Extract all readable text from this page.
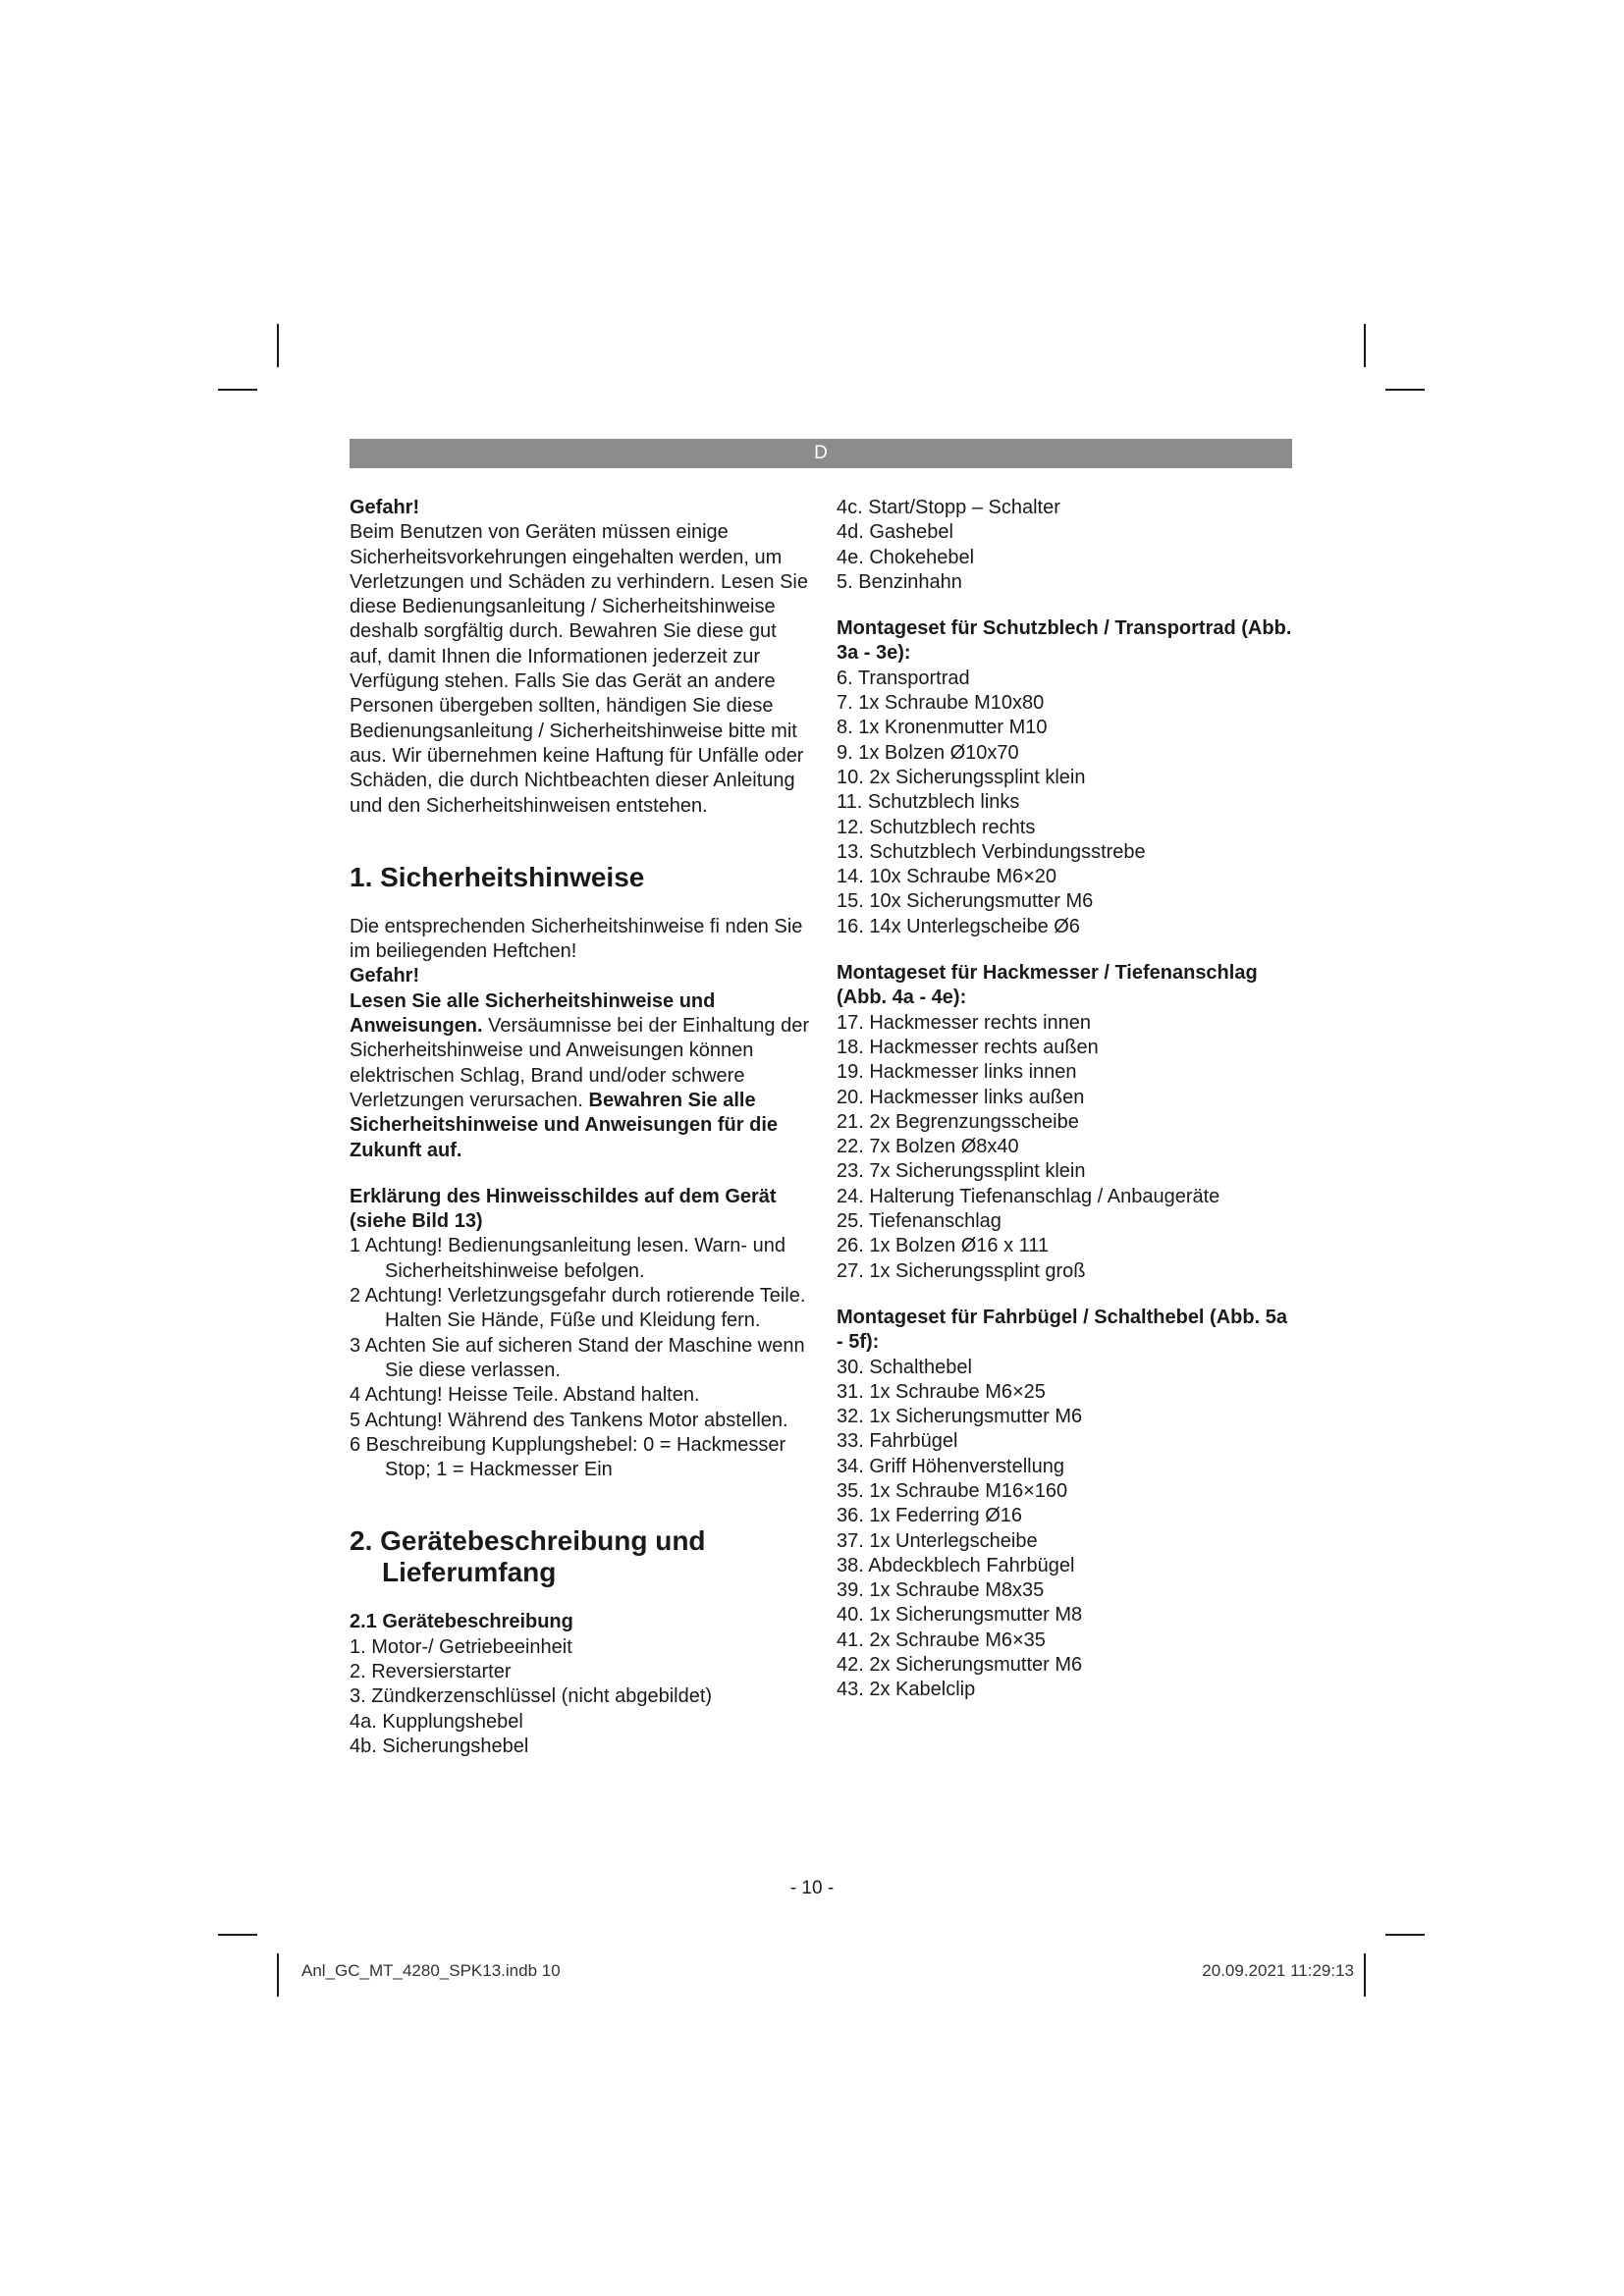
D

Gefahr!

Beim Benutzen von Geräten müssen einige Sicherheitsvorkehrungen eingehalten werden, um Verletzungen und Schäden zu verhindern. Lesen Sie diese Bedienungsanleitung / Sicherheitshinweise deshalb sorgfältig durch. Bewahren Sie diese gut auf, damit Ihnen die Informationen jederzeit zur Verfügung stehen. Falls Sie das Gerät an andere Personen übergeben sollten, händigen Sie diese Bedienungsanleitung / Sicherheitshinweise bitte mit aus. Wir übernehmen keine Haftung für Unfälle oder Schäden, die durch Nichtbeachten dieser Anleitung und den Sicherheitshinweisen entstehen.

1. Sicherheitshinweise

Die entsprechenden Sicherheitshinweise fi nden Sie im beiliegenden Heftchen!

Gefahr!

Lesen Sie alle Sicherheitshinweise und Anweisungen. Versäumnisse bei der Einhaltung der Sicherheitshinweise und Anweisungen können elektrischen Schlag, Brand und/oder schwere Verletzungen verursachen. Bewahren Sie alle Sicherheitshinweise und Anweisungen für die Zukunft auf.

Erklärung des Hinweisschildes auf dem Gerät (siehe Bild 13)

1 Achtung! Bedienungsanleitung lesen. Warn- und Sicherheitshinweise befolgen.
2 Achtung! Verletzungsgefahr durch rotierende Teile. Halten Sie Hände, Füße und Kleidung fern.
3 Achten Sie auf sicheren Stand der Maschine wenn Sie diese verlassen.
4 Achtung! Heisse Teile. Abstand halten.
5 Achtung! Während des Tankens Motor abstellen.
6 Beschreibung Kupplungshebel: 0 = Hackmesser Stop; 1 = Hackmesser Ein

2. Gerätebeschreibung und Lieferumfang

2.1 Gerätebeschreibung

1. Motor-/ Getriebeeinheit
2. Reversierstarter
3. Zündkerzenschlüssel (nicht abgebildet)
4a. Kupplungshebel
4b. Sicherungshebel
4c. Start/Stopp – Schalter
4d. Gashebel
4e. Chokehebel
5. Benzinhahn

Montageset für Schutzblech / Transportrad (Abb. 3a - 3e):

6. Transportrad
7. 1x Schraube M10x80
8. 1x Kronenmutter M10
9. 1x Bolzen Ø10x70
10. 2x Sicherungssplint klein
11. Schutzblech links
12. Schutzblech rechts
13. Schutzblech Verbindungsstrebe
14. 10x Schraube M6×20
15. 10x Sicherungsmutter M6
16. 14x Unterlegscheibe Ø6

Montageset für Hackmesser / Tiefenanschlag (Abb. 4a - 4e):

17. Hackmesser rechts innen
18. Hackmesser rechts außen
19. Hackmesser links innen
20. Hackmesser links außen
21. 2x Begrenzungsscheibe
22. 7x Bolzen Ø8x40
23. 7x Sicherungssplint klein
24. Halterung Tiefenanschlag / Anbaugeräte
25. Tiefenanschlag
26. 1x Bolzen Ø16 x 111
27. 1x Sicherungssplint groß

Montageset für Fahrbügel / Schalthebel (Abb. 5a - 5f):

30. Schalthebel
31. 1x Schraube M6×25
32. 1x Sicherungsmutter M6
33. Fahrbügel
34. Griff Höhenverstellung
35. 1x Schraube M16×160
36. 1x Federring Ø16
37. 1x Unterlegscheibe
38. Abdeckblech Fahrbügel
39. 1x Schraube M8x35
40. 1x Sicherungsmutter M8
41. 2x Schraube M6×35
42. 2x Sicherungsmutter M6
43. 2x Kabelclip
- 10 -
Anl_GC_MT_4280_SPK13.indb 10	20.09.2021 11:29:13
